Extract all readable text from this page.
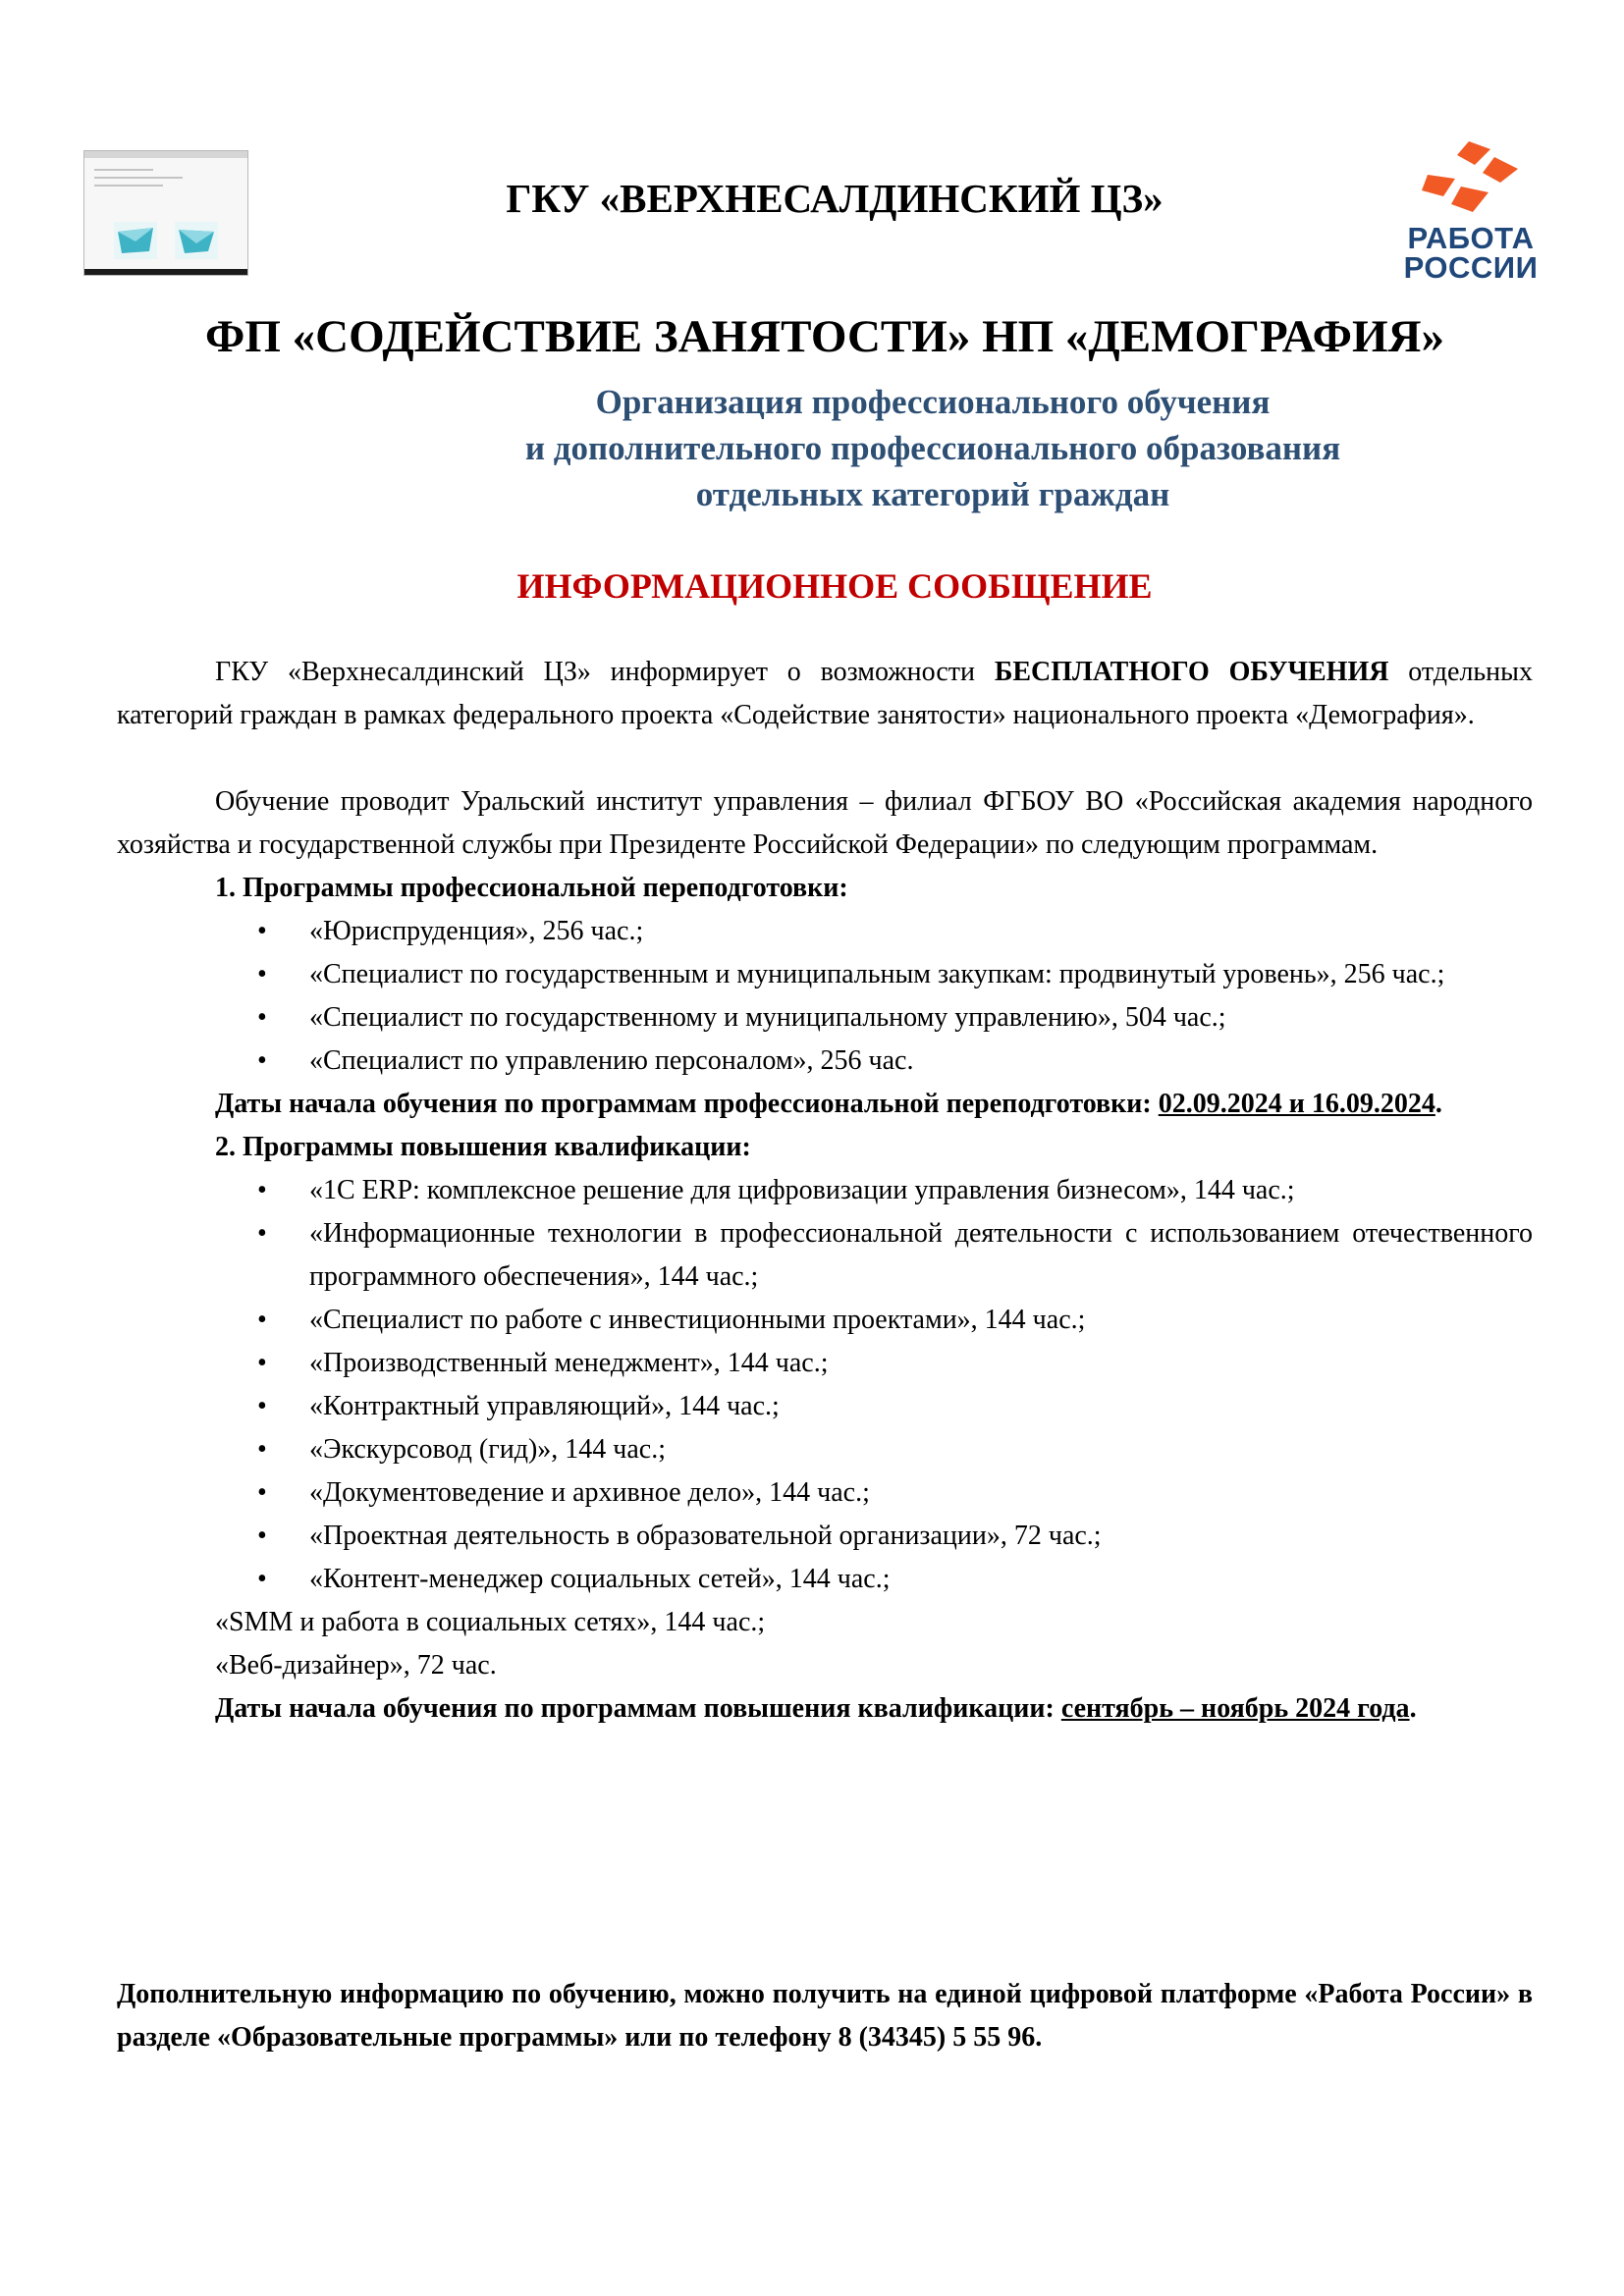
ГКУ «ВЕРХНЕСАЛДИНСКИЙ ЦЗ»
РАБОТА
РОССИИ
ФП «СОДЕЙСТВИЕ ЗАНЯТОСТИ» НП «ДЕМОГРАФИЯ»
Организация профессионального обучения
и дополнительного профессионального образования
отдельных категорий граждан
ИНФОРМАЦИОННОЕ СООБЩЕНИЕ

ГКУ «Верхнесалдинский ЦЗ» информирует о возможности БЕСПЛАТНОГО ОБУЧЕНИЯ отдельных категорий граждан в рамках федерального проекта «Содействие занятости» национального проекта «Демография».

Обучение проводит Уральский институт управления – филиал ФГБОУ ВО «Российская академия народного хозяйства и государственной службы при Президенте Российской Федерации» по следующим программам.

1. Программы профессиональной переподготовки:

• «Юриспруденция», 256 час.;
• «Специалист по государственным и муниципальным закупкам: продвинутый уровень», 256 час.;
• «Специалист по государственному и муниципальному управлению», 504 час.;
• «Специалист по управлению персоналом», 256 час.

Даты начала обучения по программам профессиональной переподготовки: 02.09.2024 и 16.09.2024.

2. Программы повышения квалификации:

• «1С ERP: комплексное решение для цифровизации управления бизнесом», 144 час.;
• «Информационные технологии в профессиональной деятельности с использованием отечественного программного обеспечения», 144 час.;
• «Специалист по работе с инвестиционными проектами», 144 час.;
• «Производственный менеджмент», 144 час.;
• «Контрактный управляющий», 144 час.;
• «Экскурсовод (гид)», 144 час.;
• «Документоведение и архивное дело», 144 час.;
• «Проектная деятельность в образовательной организации», 72 час.;
• «Контент-менеджер социальных сетей», 144 час.;

«SMM и работа в социальных сетях», 144 час.;

«Веб-дизайнер», 72 час.

Даты начала обучения по программам повышения квалификации: сентябрь – ноябрь 2024 года.

Дополнительную информацию по обучению, можно получить на единой цифровой платформе «Работа России» в разделе «Образовательные программы» или по телефону 8 (34345) 5 55 96.
